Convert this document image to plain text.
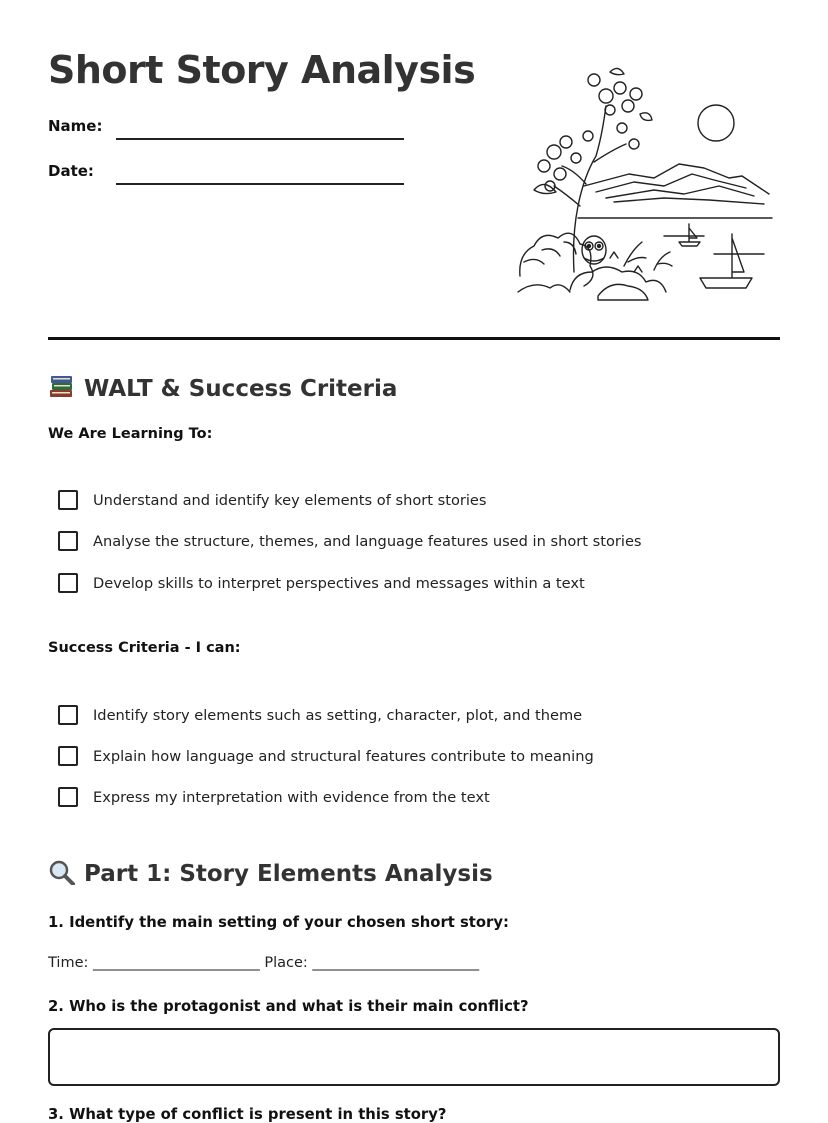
Short Story Analysis
Name:
Date:
WALT & Success Criteria
We Are Learning To:
Understand and identify key elements of short stories
Analyse the structure, themes, and language features used in short stories
Develop skills to interpret perspectives and messages within a text
Success Criteria - I can:
Identify story elements such as setting, character, plot, and theme
Explain how language and structural features contribute to meaning
Express my interpretation with evidence from the text
Part 1: Story Elements Analysis
1. Identify the main setting of your chosen short story:
Time: _______________________ Place: _______________________
2. Who is the protagonist and what is their main conflict?
3. What type of conflict is present in this story?
